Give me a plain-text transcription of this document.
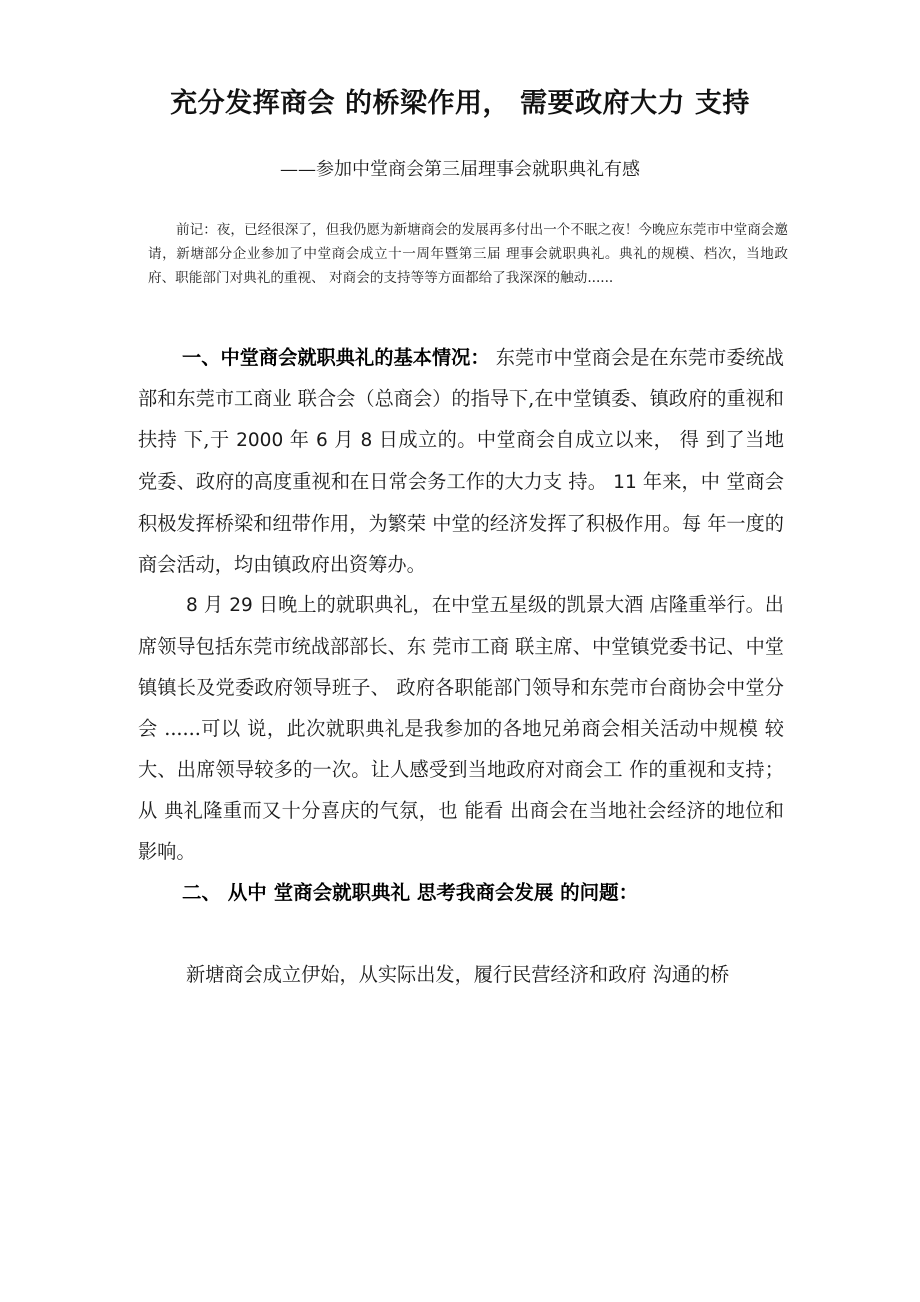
充分发挥商会 的桥梁作用， 需要政府大力 支持
——参加中堂商会第三届理事会就职典礼有感
前记：夜，已经很深了，但我仍愿为新塘商会的发展再多付出一个不眠之夜！今晚应东莞市中堂商会邀请，新塘部分企业参加了中堂商会成立十一周年暨第三届 理事会就职典礼。典礼的规模、档次，当地政府、职能部门对典礼的重视、 对商会的支持等等方面都给了我深深的触动......

一、中堂商会就职典礼的基本情况： 东莞市中堂商会是在东莞市委统战部和东莞市工商业 联合会（总商会）的指导下,在中堂镇委、镇政府的重视和扶持 下,于 2000 年 6 月 8 日成立的。中堂商会自成立以来， 得 到了当地党委、政府的高度重视和在日常会务工作的大力支 持。 11 年来，中 堂商会积极发挥桥梁和纽带作用，为繁荣 中堂的经济发挥了积极作用。每 年一度的商会活动，均由镇政府出资筹办。

8 月 29 日晚上的就职典礼，在中堂五星级的凯景大酒 店隆重举行。出 席领导包括东莞市统战部部长、东 莞市工商 联主席、中堂镇党委书记、中堂镇镇长及党委政府领导班子、 政府各职能部门领导和东莞市台商协会中堂分会 ......可以 说，此次就职典礼是我参加的各地兄弟商会相关活动中规模 较大、出席领导较多的一次。让人感受到当地政府对商会工 作的重视和支持；从 典礼隆重而又十分喜庆的气氛，也 能看 出商会在当地社会经济的地位和影响。

二、 从中 堂商会就职典礼 思考我商会发展 的问题：

新塘商会成立伊始，从实际出发，履行民营经济和政府 沟通的桥
